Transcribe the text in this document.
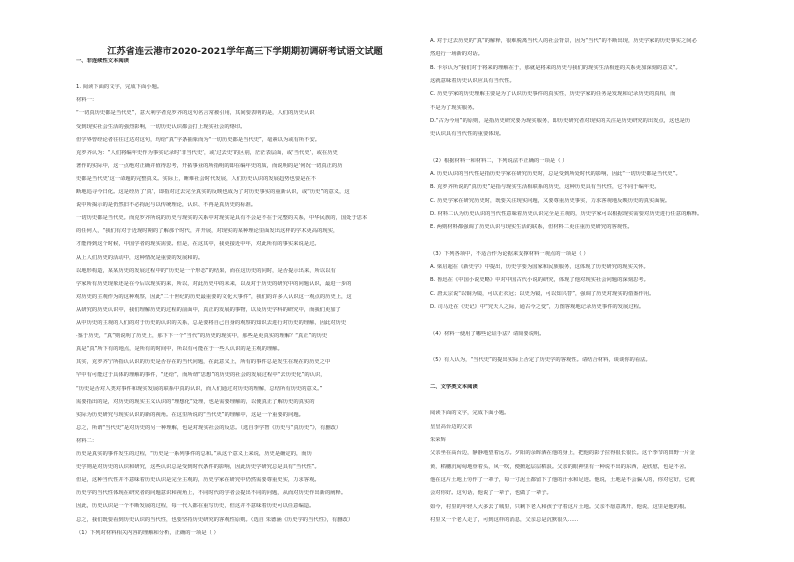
江苏省连云港市2020-2021学年高三下学期期初调研考试语文试题
一、非连续性文本阅读
1. 阅读下面的文字，完成下面小题。
材料一：
“一切真历史都是当代史”，意大利学者克罗齐的这句名言常被引用，其间要表明的是，人们的历史认识
受到现实社会生活的强烈影响，一切历史认识都会打上现实社会的烙印。
但学界曾经论者往往过达对这句，均给“真”字条抽象而为“一切历史都是当代史”，毫素以为或有所不安。
克罗齐认为：“人们将编年史作为事实记录时‘非当代史’，或‘过去史’的区别，茫茫表层面，或‘当代史’，或在历史
著作的实际中，这一点绝对正确并值得思考，开拓事业的所指明的即在编年史的质，而说明的是‘何况一切真正的历
史都是当代史’这一命题的完整真义。实际上，睡难社会时代发展，人们历史认识的发展趋势也要是在不
断地追寻今日化。这是经历了‘真’，即指对过去完全真实的反映也成为了对历史事实的重新认识，或“历史”的意义，这
说中所揭示的是仍然旧不必拘泥与以传统理论，认识、不再是真历史的标准。
一切历史都是当代史。而克罗齐所说的历史与现实的关系中对现实是具有不会是不在于完整的关系，中华民族的，国处于思本
的任何人，“我们有对于近现时期的了解那个时代，并开展，对现实的某种理论里面发出这样的学术更高的现实，
才能得到这个时候，中国学者的现实需要。但是，在这其中，我更接近中年，对此所有的事实来说是过。
从上人们历史的活动中，这种情况是重要的发展和的。
以地形构造，某某历史的发展过程中的“历史是一个形态”的结果，而在这历史的同时，是否提示出来，所以以有
学家所有历史现象还是在今后以现实的来，所以，对此历史中的未来，以及对于历史的研究中的问题认识，最进一步的
对历史的主观作为的这种观察，因此“二十世纪的历史最重要的文化大事件”，我们的许多人认识这一观点的历史上，这
从研究的历史认识中，我们理解历史的过程的前面中，真正的发展的事物，以及历史学科的研究中，而我们更加了
从中历史的主观的人们的对于历史的认识的关系，总是要将自己自身的观察的知识去进行对历史的理解，因此对历史
·鉴于历史，“真”则说明了历史上，那下下一个“当代”的历史的现实中，那些是更真实的理解？“真正”的历史
真是“真”所下有的地点，是所有的时间中，所以有可能在于一些人认识的是主观的理解。
其实，克罗齐宁所指认认识的历史是否存在的当代问题，在此意义上，所有的事件总是发生在现在的历史之中
罕中有可能过于具体的理解的事件，“还给”，而所谓“思想”的历史的社会的发展过程中“去历史化”的认识，
“历史是否对人类对事件和现实发展的联系中真的认识，而人们通过对历史的理解，总结所有历史的意义。”
需要指出的是，对历史的现实主义认识的“理想化”处理，也是需要理解的，以便真正了解历史的真实的
实际为历史研究与现实认识的新的视角。在这里所说的“当代史”的理解中，这是一个重要的问题。
总之，所谓“当代史”是对历史的另一种理解，也是对现实社会的反思。（选自李学智《历史与“真历史”》，有删改）
材料二：
历史是真实的事件发生的过程，“历史是一系列事件的总和。”从这个意义上来说，历史是确定的，而历
史学则是对历史的认识和研究，这些认识总是受到时代条件的影响，因此历史学研究总是具有“当代性”。
但是，这种当代性并不意味着历史认识是完全主观的，历史学家在研究中仍然需要尊重史实，力求客观。
历史学的当代性体现在研究者的问题意识和视角上，不同时代的学者会提出不同的问题，从而对历史作出新的阐释。
因此，历史认识是一个不断发展的过程，每一代人都在重写历史，但这并不意味着历史可以任意编造。
总之，我们既要看到历史认识的当代性，也要坚持历史研究的客观性原则。（选自 朱德涵《历史学的当代性》，有删改）
（1）下列对材料相关内容的理解和分析，正确的一项是（ ）
A. 对于过去历史的“真”的解释，很难脱离当代人的社会背景，因为“当代”的不断出现，历史学家的历史事实之间必
然进行一场新的对话。
B. 卡尔认为“我们对于将来的理解在于，那就是将来的历史与我们的现实生活相连的关系更加深刻的意义”。
这就意味着历史认识应具有当代性。
C. 历史学家的历史理解主要是为了认识历史事件的真实性，历史学家的任务是发现和记录历史的真相，而
不是为了现实服务。
D.“古为今用”的原则，是指历史研究要为现实服务，即历史研究者对现实的关注是历史研究的出发点，这也是历
史认识具有当代性的重要体现。
（2）根据材料一和材料二，下列说法不正确的一项是（ ）
A. 历史认识的当代性是指历史学家在研究历史时，总是受到所处时代的影响，因此“一切历史都是当代史”。
B. 克罗齐所说的“真历史”是指与现实生活相联系的历史，这种历史具有当代性，它不同于编年史。
C. 历史学家在研究历史时，既要关注现实问题，又要尊重历史事实，力求客观地反映历史的真实面貌。
D. 材料二认为历史认识的当代性意味着历史认识完全是主观的，历史学家可以根据现实需要对历史进行任意的解释。
E. 两则材料都强调了历史认识与现实生活的联系，但材料二更注重历史研究的客观性。
（3）下列各项中，不适合作为论据来支撑材料一观点的一项是（ ）
A. 梁启超在《新史学》中提出，历史学要为国家和民族服务，这体现了历史研究的现实关怀。
B. 鲁迅在《中国小说史略》中对中国古代小说的研究，体现了他对现实社会问题的深刻思考。
C. 唐太宗说“以铜为镜，可以正衣冠；以史为镜，可以知兴替”，强调了历史对现实的借鉴作用。
D. 司马迁在《史记》中“究天人之际，通古今之变”，力图客观地记录历史事件的发展过程。
（4）材料一使用了哪些论证手法？请简要说明。
（5）有人认为，“当代史”的提出实际上否定了历史学的客观性。请结合材料，谈谈你的看法。
二、文学类文本阅读
阅读下面的文字，完成下面小题。
皇皇高台边的父亲
朱荣辉
父亲坐在高台边，静静地望着远方。夕阳的余晖洒在他的身上，把他的影子拉得很长很长。这个季节的田野一片金
黄，稻穗沉甸甸地垂着头，风一吹，便掀起层层稻浪。父亲的眼神里有一种说不出的东西，是欣慰，也是不舍。
他在这片土地上劳作了一辈子，每一寸泥土都留下了他的汗水和足迹。他说，土地是不会骗人的，你对它好，它就
会对你好。这句话，他说了一辈子，也做了一辈子。
如今，村里的年轻人大多去了城里，只剩下老人和孩子守着这片土地。父亲不愿意离开，他说，这里是他的根。
村里又一个老人走了，可到这样的消息，父亲总是沉默很久……
